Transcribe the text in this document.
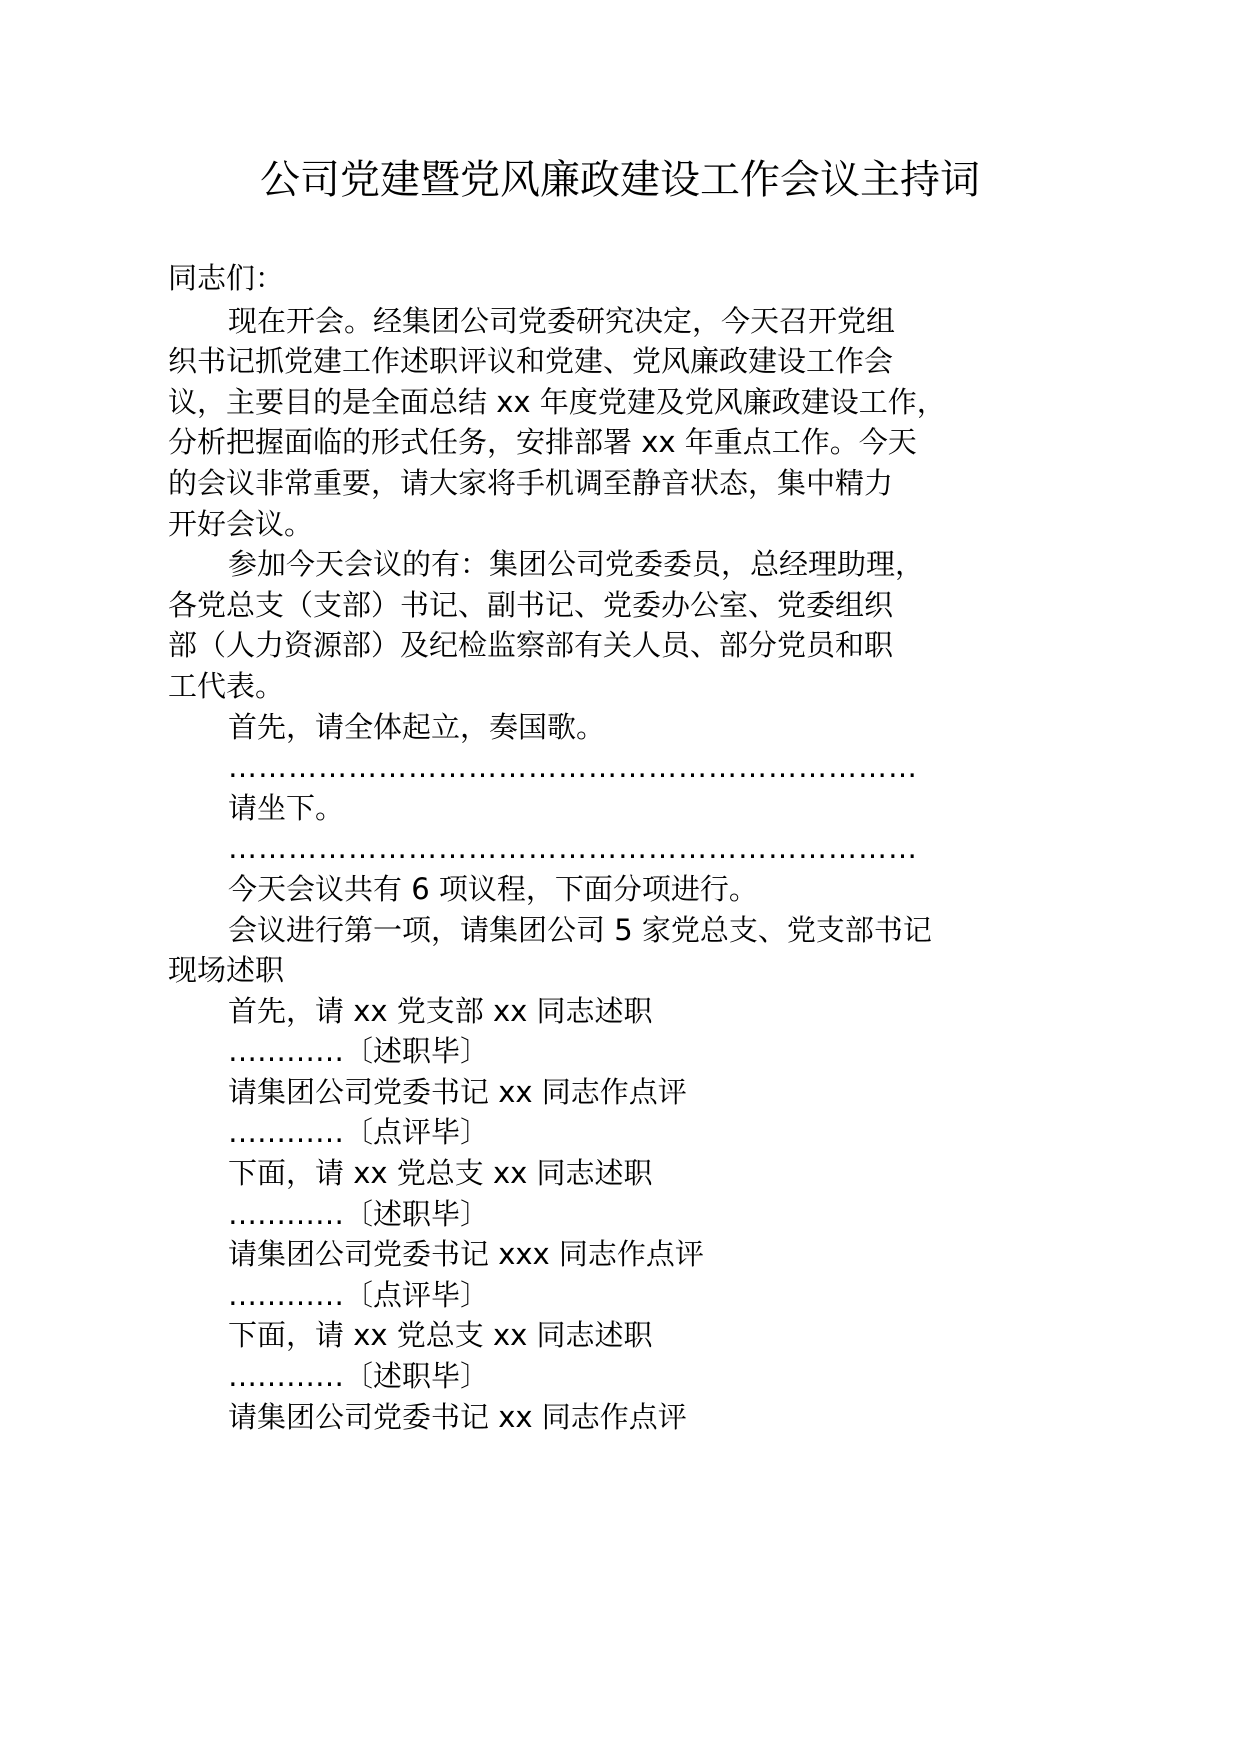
公司党建暨党风廉政建设工作会议主持词
同志们：
现在开会。经集团公司党委研究决定，今天召开党组
织书记抓党建工作述职评议和党建、党风廉政建设工作会
议，主要目的是全面总结 xx 年度党建及党风廉政建设工作，
分析把握面临的形式任务，安排部署 xx 年重点工作。今天
的会议非常重要，请大家将手机调至静音状态，集中精力
开好会议。
参加今天会议的有：集团公司党委委员，总经理助理，
各党总支（支部）书记、副书记、党委办公室、党委组织
部（人力资源部）及纪检监察部有关人员、部分党员和职
工代表。
首先，请全体起立，奏国歌。
……………………………………………………………
请坐下。
……………………………………………………………
今天会议共有 6 项议程，下面分项进行。
会议进行第一项，请集团公司 5 家党总支、党支部书记
现场述职
首先，请 xx 党支部 xx 同志述职
…………〔述职毕〕
请集团公司党委书记 xx 同志作点评
…………〔点评毕〕
下面，请 xx 党总支 xx 同志述职
…………〔述职毕〕
请集团公司党委书记 xxx 同志作点评
…………〔点评毕〕
下面，请 xx 党总支 xx 同志述职
…………〔述职毕〕
请集团公司党委书记 xx 同志作点评
